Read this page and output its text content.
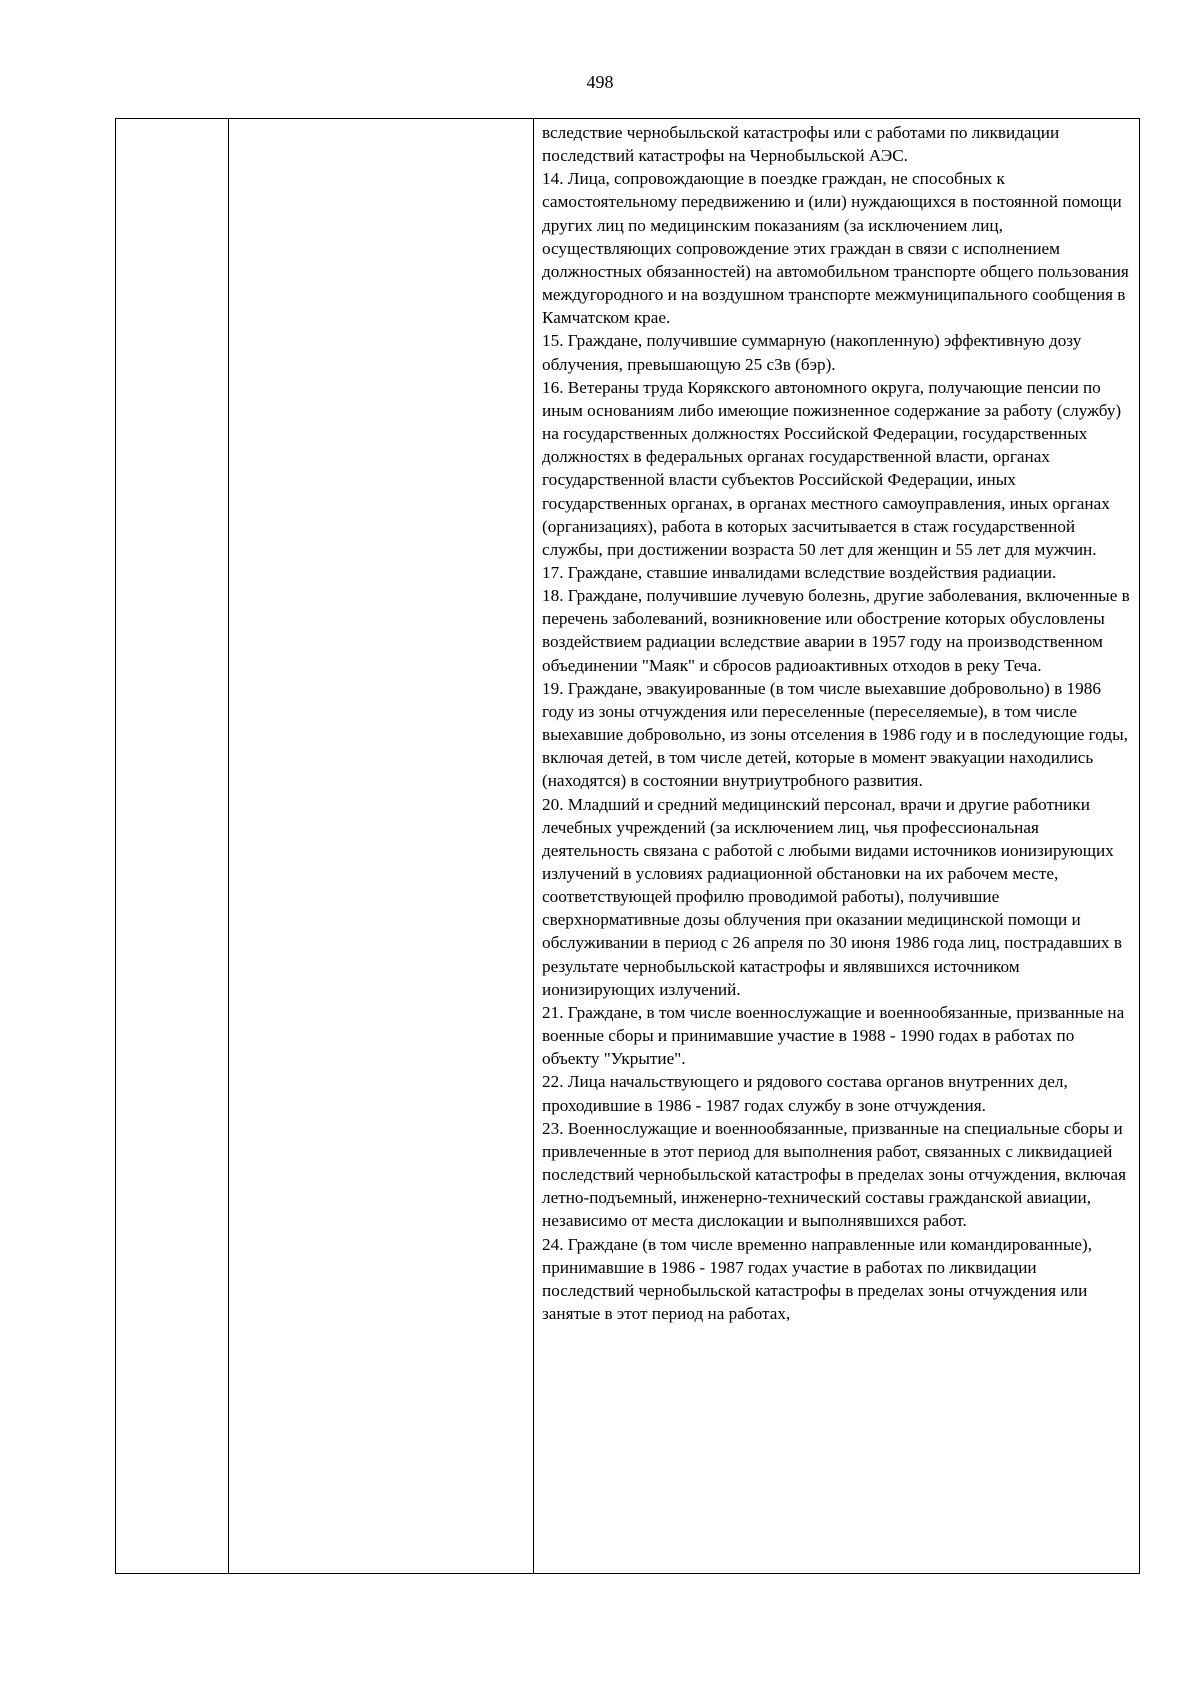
498

вследствие чернобыльской катастрофы или с работами по ликвидации последствий катастрофы на Чернобыльской АЭС.

14. Лица, сопровождающие в поездке граждан, не способных к самостоятельному передвижению и (или) нуждающихся в постоянной помощи других лиц по медицинским показаниям (за исключением лиц, осуществляющих сопровождение этих граждан в связи с исполнением должностных обязанностей) на автомобильном транспорте общего пользования междугородного и на воздушном транспорте межмуниципального сообщения в Камчатском крае.

15. Граждане, получившие суммарную (накопленную) эффективную дозу облучения, превышающую 25 сЗв (бэр).

16. Ветераны труда Корякского автономного округа, получающие пенсии по иным основаниям либо имеющие пожизненное содержание за работу (службу) на государственных должностях Российской Федерации, государственных должностях в федеральных органах государственной власти, органах государственной власти субъектов Российской Федерации, иных государственных органах, в органах местного самоуправления, иных органах (организациях), работа в которых засчитывается в стаж государственной службы, при достижении возраста 50 лет для женщин и 55 лет для мужчин.

17. Граждане, ставшие инвалидами вследствие воздействия радиации.

18. Граждане, получившие лучевую болезнь, другие заболевания, включенные в перечень заболеваний, возникновение или обострение которых обусловлены воздействием радиации вследствие аварии в 1957 году на производственном объединении "Маяк" и сбросов радиоактивных отходов в реку Теча.

19. Граждане, эвакуированные (в том числе выехавшие добровольно) в 1986 году из зоны отчуждения или переселенные (переселяемые), в том числе выехавшие добровольно, из зоны отселения в 1986 году и в последующие годы, включая детей, в том числе детей, которые в момент эвакуации находились (находятся) в состоянии внутриутробного развития.

20. Младший и средний медицинский персонал, врачи и другие работники лечебных учреждений (за исключением лиц, чья профессиональная деятельность связана с работой с любыми видами источников ионизирующих излучений в условиях радиационной обстановки на их рабочем месте, соответствующей профилю проводимой работы), получившие сверхнормативные дозы облучения при оказании медицинской помощи и обслуживании в период с 26 апреля по 30 июня 1986 года лиц, пострадавших в результате чернобыльской катастрофы и являвшихся источником ионизирующих излучений.

21. Граждане, в том числе военнослужащие и военнообязанные, призванные на военные сборы и принимавшие участие в 1988 - 1990 годах в работах по объекту "Укрытие".

22. Лица начальствующего и рядового состава органов внутренних дел, проходившие в 1986 - 1987 годах службу в зоне отчуждения.

23. Военнослужащие и военнообязанные, призванные на специальные сборы и привлеченные в этот период для выполнения работ, связанных с ликвидацией последствий чернобыльской катастрофы в пределах зоны отчуждения, включая летно-подъемный, инженерно-технический составы гражданской авиации, независимо от места дислокации и выполнявшихся работ.

24. Граждане (в том числе временно направленные или командированные), принимавшие в 1986 - 1987 годах участие в работах по ликвидации последствий чернобыльской катастрофы в пределах зоны отчуждения или занятые в этот период на работах,
